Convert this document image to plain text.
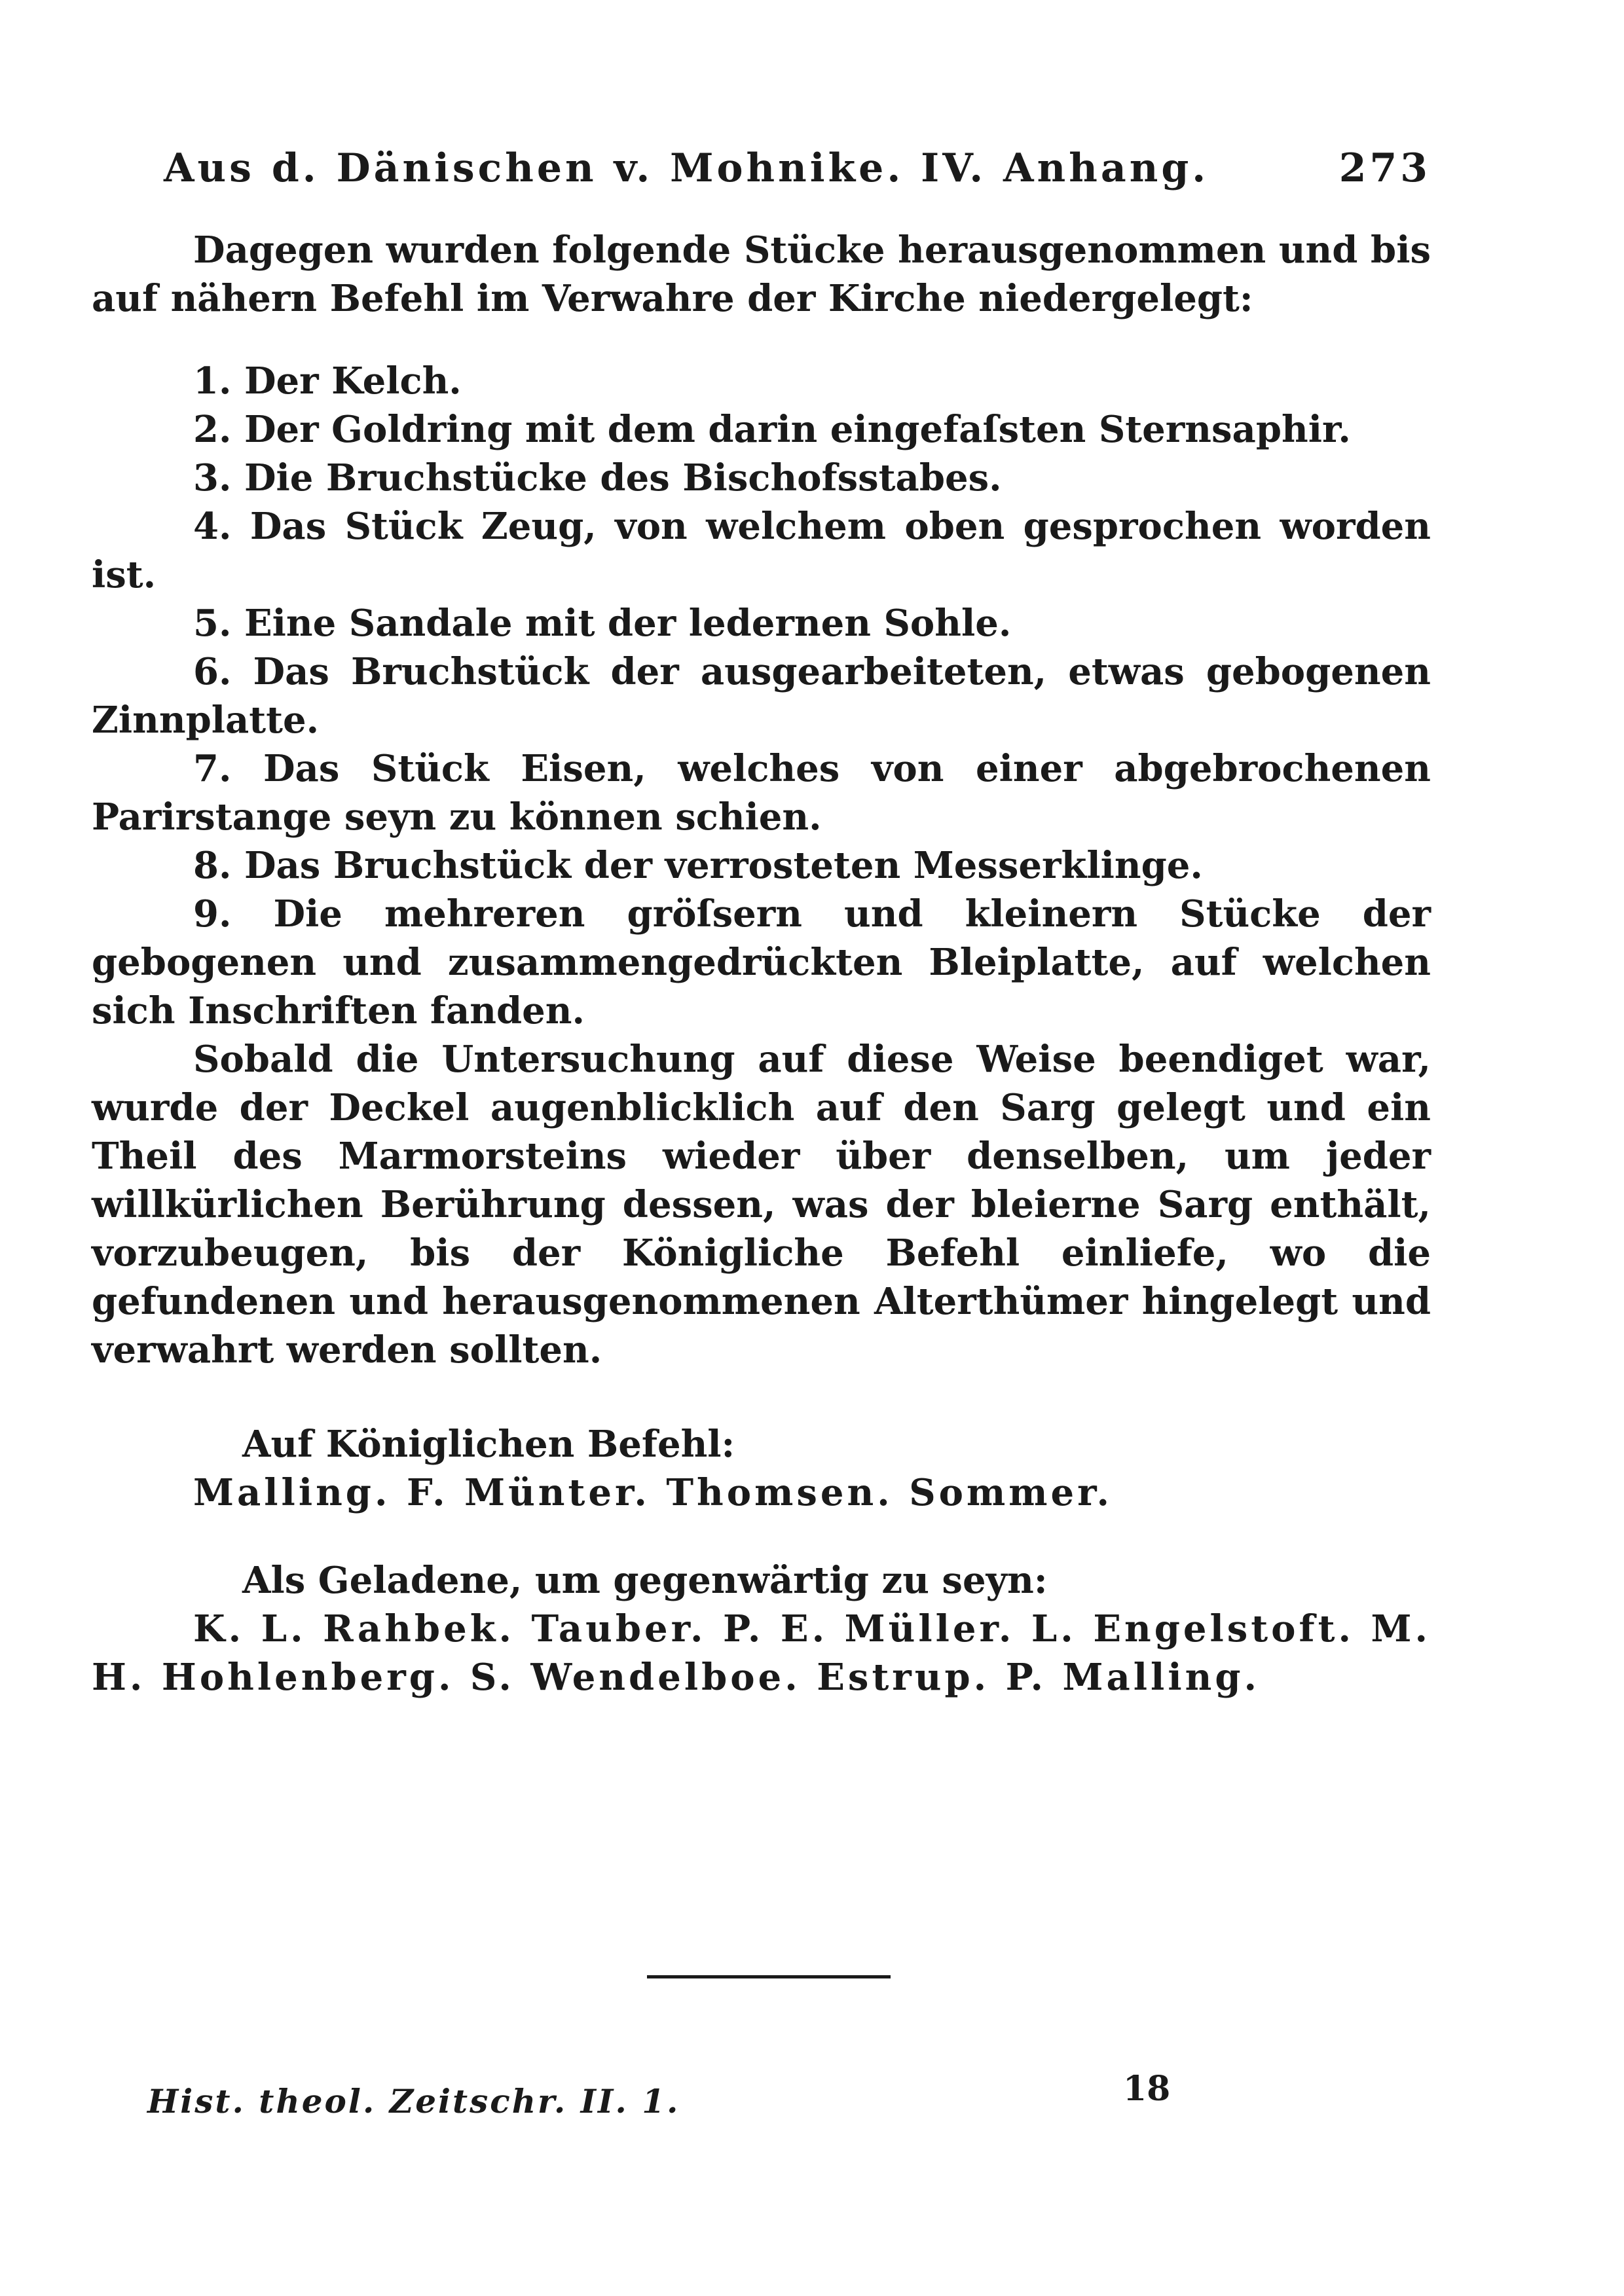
Aus d. Dänischen v. Mohnike. IV. Anhang.	273

Dagegen wurden folgende Stücke herausgenommen und bis auf nähern Befehl im Verwahre der Kirche niedergelegt:

1. Der Kelch.

2. Der Goldring mit dem darin eingefaſsten Sternsaphir.

3. Die Bruchstücke des Bischofsstabes.

4. Das Stück Zeug, von welchem oben gesprochen worden ist.

5. Eine Sandale mit der ledernen Sohle.

6. Das Bruchstück der ausgearbeiteten, etwas gebogenen Zinnplatte.

7. Das Stück Eisen, welches von einer abgebrochenen Parirstange seyn zu können schien.

8. Das Bruchstück der verrosteten Messerklinge.

9. Die mehreren gröſsern und kleinern Stücke der gebogenen und zusammengedrückten Bleiplatte, auf welchen sich Inschriften fanden.

Sobald die Untersuchung auf diese Weise beendiget war, wurde der Deckel augenblicklich auf den Sarg gelegt und ein Theil des Marmorsteins wieder über denselben, um jeder willkürlichen Berührung dessen, was der bleierne Sarg enthält, vorzubeugen, bis der Königliche Befehl einliefe, wo die gefundenen und herausgenommenen Alterthümer hingelegt und verwahrt werden sollten.

Auf Königlichen Befehl:

Malling. F. Münter. Thomsen. Sommer.

Als Geladene, um gegenwärtig zu seyn:

K. L. Rahbek. Tauber. P. E. Müller. L. Engelstoft. M. H. Hohlenberg. S. Wendelboe. Estrup. P. Malling.

Hist. theol. Zeitschr. II. 1.	18
